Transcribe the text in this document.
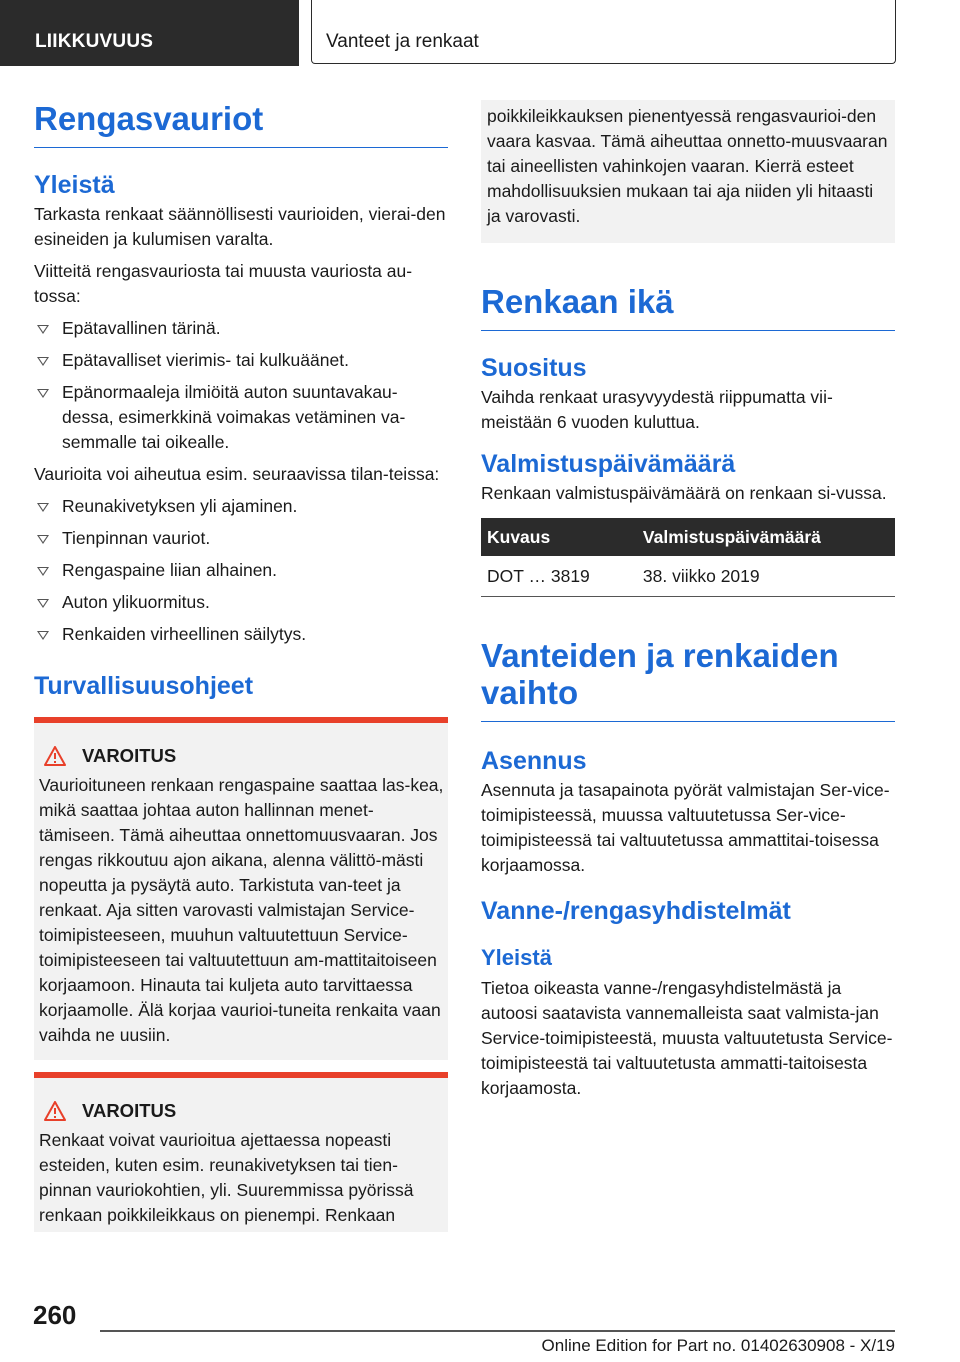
LIIKKUVUUS	Vanteet ja renkaat
Rengasvauriot
Yleistä

Tarkasta renkaat säännöllisesti vaurioiden, vierai-den esineiden ja kulumisen varalta.

Viitteitä rengasvauriosta tai muusta vauriosta au-tossa:

Epätavallinen tärinä.
Epätavalliset vierimis- tai kulkuäänet.
Epänormaaleja ilmiöitä auton suuntavakau-dessa, esimerkkinä voimakas vetäminen va-semmalle tai oikealle.

Vaurioita voi aiheutua esim. seuraavissa tilan-teissa:

Reunakivetyksen yli ajaminen.
Tienpinnan vauriot.
Rengaspaine liian alhainen.
Auton ylikuormitus.
Renkaiden virheellinen säilytys.
Turvallisuusohjeet
VAROITUS

Vaurioituneen renkaan rengaspaine saattaa las-kea, mikä saattaa johtaa auton hallinnan menet-tämiseen. Tämä aiheuttaa onnettomuusvaaran. Jos rengas rikkoutuu ajon aikana, alenna välittö-mästi nopeutta ja pysäytä auto. Tarkistuta van-teet ja renkaat. Aja sitten varovasti valmistajan Service-toimipisteeseen, muuhun valtuutettuun Service-toimipisteeseen tai valtuutettuun am-mattitaitoiseen korjaamoon. Hinauta tai kuljeta auto tarvittaessa korjaamolle. Älä korjaa vaurioi-tuneita renkaita vaan vaihda ne uusiin.

VAROITUS

Renkaat voivat vaurioitua ajettaessa nopeasti esteiden, kuten esim. reunakivetyksen tai tien-pinnan vauriokohtien, yli. Suuremmissa pyörissä renkaan poikkileikkaus on pienempi. Renkaan

poikkileikkauksen pienentyessä rengasvaurioi-den vaara kasvaa. Tämä aiheuttaa onnetto-muusvaaran tai aineellisten vahinkojen vaaran. Kierrä esteet mahdollisuuksien mukaan tai aja niiden yli hitaasti ja varovasti.

Renkaan ikä
Suositus

Vaihda renkaat urasyvyydestä riippumatta vii-meistään 6 vuoden kuluttua.

Valmistuspäivämäärä

Renkaan valmistuspäivämäärä on renkaan si-vussa.

Kuvaus	Valmistuspäivämäärä
DOT … 3819	38. viikko 2019
Vanteiden ja renkaiden vaihto
Asennus

Asennuta ja tasapainota pyörät valmistajan Ser-vice-toimipisteessä, muussa valtuutetussa Ser-vice-toimipisteessä tai valtuutetussa ammattitai-toisessa korjaamossa.

Vanne-/rengasyhdistelmät
Yleistä

Tietoa oikeasta vanne-/rengasyhdistelmästä ja autoosi saatavista vannemalleista saat valmista-jan Service-toimipisteestä, muusta valtuutetusta Service-toimipisteestä tai valtuutetusta ammatti-taitoisesta korjaamosta.

260
Online Edition for Part no. 01402630908 - X/19
